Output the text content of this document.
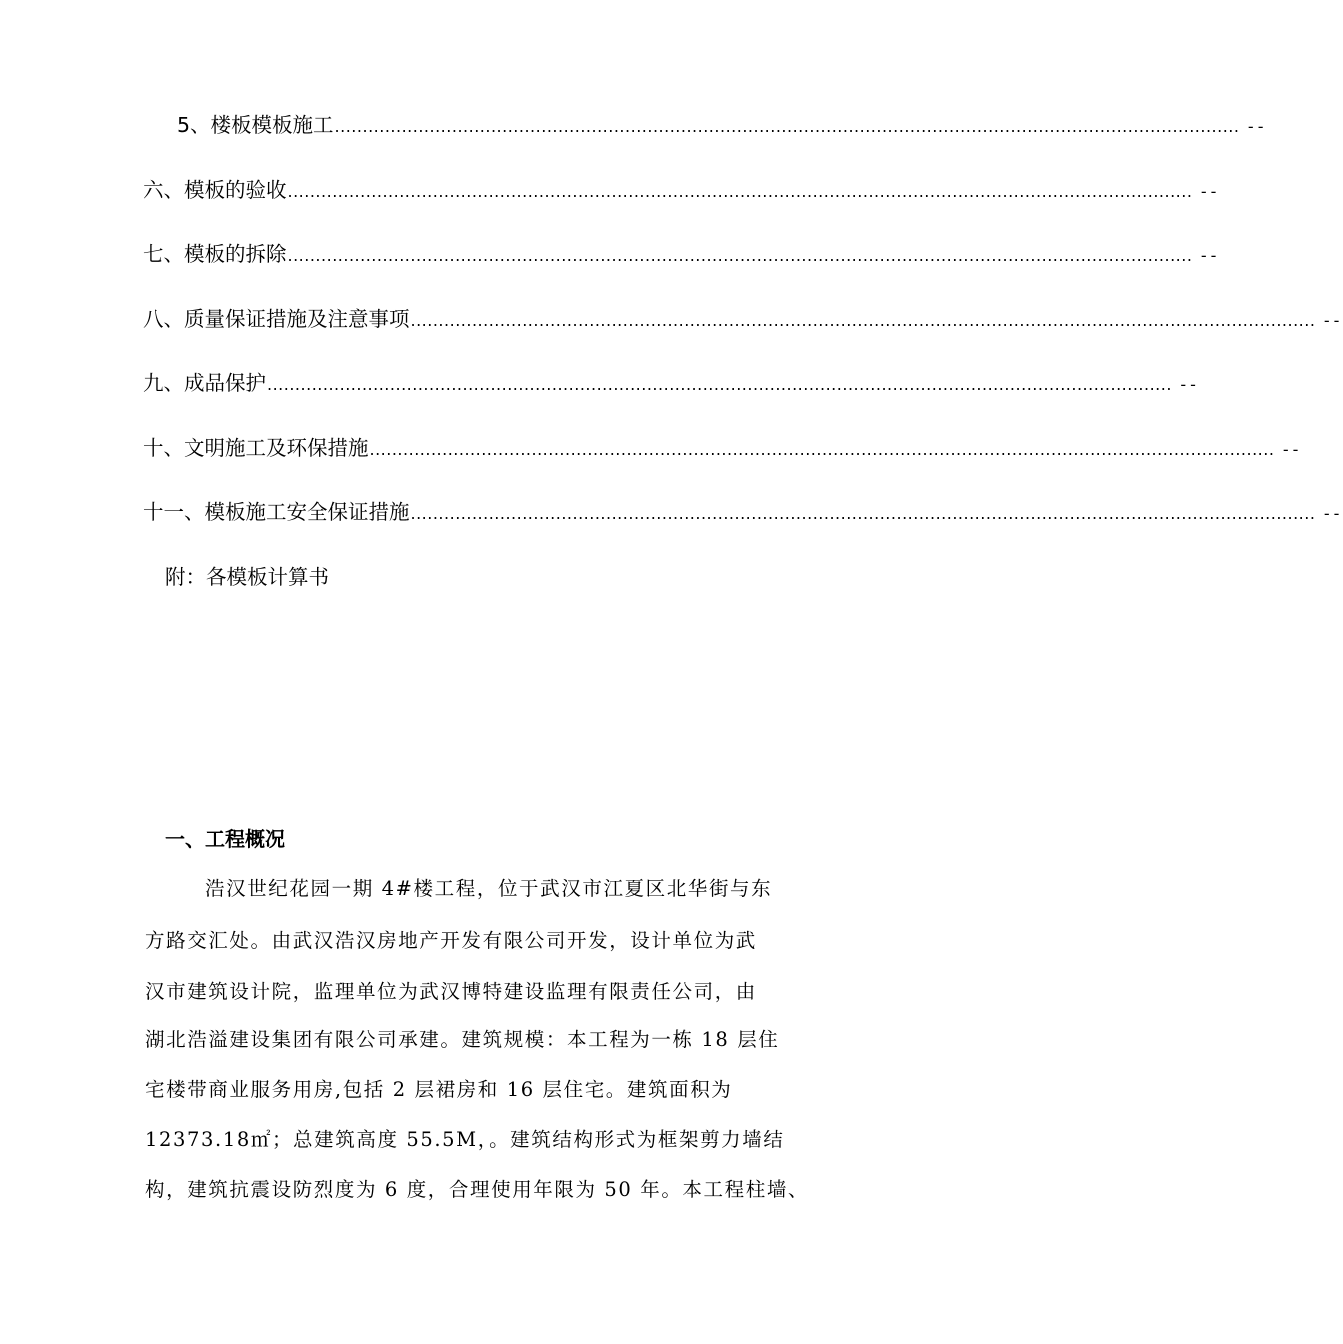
5、楼板模板施工 .................................................................................................................................................................. --
六、模板的验收 .................................................................................................................................................................. --
七、模板的拆除 .................................................................................................................................................................. --
八、质量保证措施及注意事项 .................................................................................................................................................................. --
九、成品保护 .................................................................................................................................................................. --
十、文明施工及环保措施 .................................................................................................................................................................. --
十一、模板施工安全保证措施 .................................................................................................................................................................. --
附：各模板计算书
一、工程概况
浩汉世纪花园一期 4#楼工程，位于武汉市江夏区北华街与东
方路交汇处。由武汉浩汉房地产开发有限公司开发，设计单位为武
汉市建筑设计院，监理单位为武汉博特建设监理有限责任公司，由
湖北浩溢建设集团有限公司承建。建筑规模：本工程为一栋 18 层住
宅楼带商业服务用房,包括 2 层裙房和 16 层住宅。建筑面积为
12373.18㎡；总建筑高度 55.5M，。建筑结构形式为框架剪力墙结
构，建筑抗震设防烈度为 6 度，合理使用年限为 50 年。本工程柱墙、
